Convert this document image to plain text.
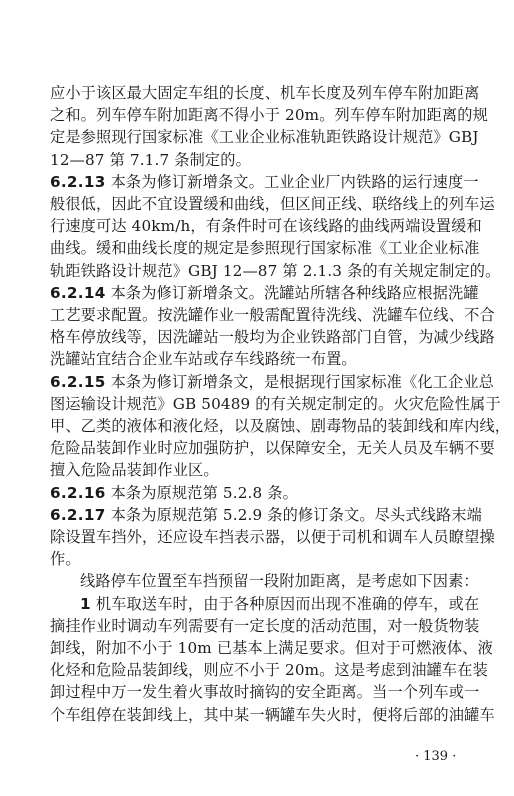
应小于该区最大固定车组的长度、机车长度及列车停车附加距离
之和。列车停车附加距离不得小于 20m。列车停车附加距离的规
定是参照现行国家标准《工业企业标准轨距铁路设计规范》GBJ
12—87 第 7.1.7 条制定的。
6.2.13 本条为修订新增条文。工业企业厂内铁路的运行速度一
般很低，因此不宜设置缓和曲线，但区间正线、联络线上的列车运
行速度可达 40km/h，有条件时可在该线路的曲线两端设置缓和
曲线。缓和曲线长度的规定是参照现行国家标准《工业企业标准
轨距铁路设计规范》GBJ 12—87 第 2.1.3 条的有关规定制定的。
6.2.14 本条为修订新增条文。洗罐站所辖各种线路应根据洗罐
工艺要求配置。按洗罐作业一般需配置待洗线、洗罐车位线、不合
格车停放线等，因洗罐站一般均为企业铁路部门自管，为减少线路
洗罐站宜结合企业车站或存车线路统一布置。
6.2.15 本条为修订新增条文，是根据现行国家标准《化工企业总
图运输设计规范》GB 50489 的有关规定制定的。火灾危险性属于
甲、乙类的液体和液化烃，以及腐蚀、剧毒物品的装卸线和库内线，
危险品装卸作业时应加强防护，以保障安全，无关人员及车辆不要
擅入危险品装卸作业区。
6.2.16 本条为原规范第 5.2.8 条。
6.2.17 本条为原规范第 5.2.9 条的修订条文。尽头式线路末端
除设置车挡外，还应设车挡表示器，以便于司机和调车人员瞭望操
作。
线路停车位置至车挡预留一段附加距离，是考虑如下因素：
1 机车取送车时，由于各种原因而出现不准确的停车，或在
摘挂作业时调动车列需要有一定长度的活动范围，对一般货物装
卸线，附加不小于 10m 已基本上满足要求。但对于可燃液体、液
化烃和危险品装卸线，则应不小于 20m。这是考虑到油罐车在装
卸过程中万一发生着火事故时摘钩的安全距离。当一个列车或一
个车组停在装卸线上，其中某一辆罐车失火时，便将后部的油罐车
· 139 ·
